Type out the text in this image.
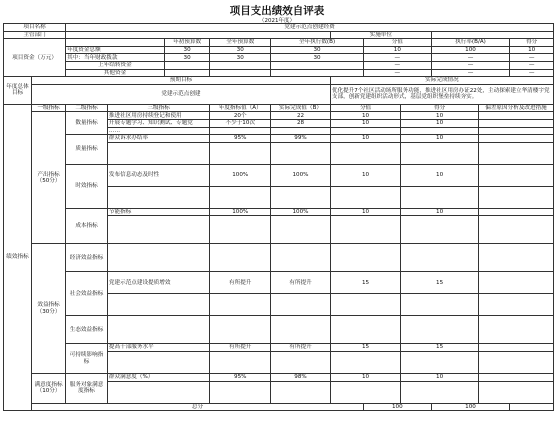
项目支出绩效自评表
（2021年度）
项目名称		党建示范点创建经费										
主管部门							实施单位					
项目资金（万元）				年初预算数	全年预算数	全年执行数(B)		分值		执行率(B/A)		得分
		年度资金总额		30	30	30		10		100		10
		其中：当年财政拨款		30	30	30		—		—		—
		上年结转资金						—		—		—
		其他资金						—		—		—
年度总体目标	预期目标						实际完成情况					
	党建示范点创建						优化提升7个社区活动场所服务功能，推进社区用房办证22处，主动探索建立华清楼宇党支部，创新党建组织活动形式，基层党组织堡垒持续夯实。					
绩效指标	一级指标	二级指标	三级指标		年度指标值（A）	实际完成值（B）	分值		得分		偏差原因分析及改进措施	
	产出指标（50分）	数量指标	推进社区用房持续登记和使用		20个	22	10		10			
			开展专题学习、知识测试、专题党		不少于10次	28	10		10			
			……									
		质量指标	群众诉求办结率		95%	99%	10		10			

		时效指标	发布信息动态及时性		100%	100%	10		10			

		成本指标	节能指标		100%	100%	10		10			

	效益指标（30分）	经济效益指标										
		社会效益指标	党建示范点建设提质增效		有所提升	有所提升	15		15			

		生态效益指标										
		可持续影响指标	提高干部服务水平		有所提升	有所提升	15		15			

	满意度指标（10分）	服务对象满意度指标	群众满意度（%）		95%	98%	10		10			

	总分							100		100		
